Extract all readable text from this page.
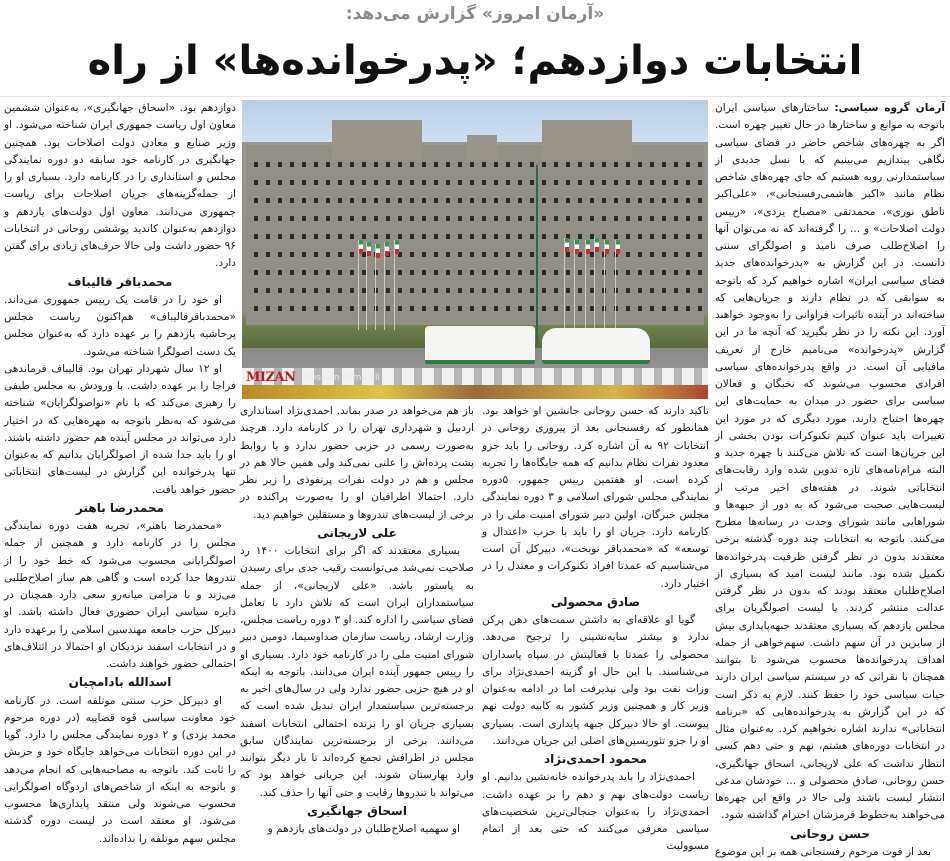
«آرمان امروز» گزارش می‌دهد:
انتخابات دوازدهم؛ «پدرخوانده‌ها» از راه

آرمان گروه سیاسی: ساختارهای سیاسی ایران باتوجه به موانع و ساختارها در حال تغییر چهره است. اگر به چهره‌های شاخص حاضر در فضای سیاسی نگاهی بیندازیم می‌بینیم که با نسل جدیدی از سیاستمدارنی روبه هستیم که جای چهره‌های شاخص نظام مانند «اکبر هاشمی‌رفسنجانی»، «علی‌اکبر ناطق نوری»، محمدتقی «مصباح یزدی»، «رییس دولت اصلاحات» و ... را گرفته‌اند که نه می‌توان آنها را اصلاح‌طلب صرف نامید و اصولگرای سنتی دانست. در این گزارش به «پدرخوانده‌های جدید فضای سیاسی ایران» اشاره خواهیم کرد که باتوجه به سوابقی که در نظام دارند و جریان‌هایی که ساخته‌اند در آینده تاثیرات فراوانی را به‌وجود خواهند آورد. این نکته را در نظر بگیرید که آنچه ما در این گزارش «پدرخوانده» می‌نامیم خارج از تعریف مافیایی آن است. در واقع پدرخوانده‌های سیاسی افرادی محسوب می‌شوند که نخبگان و فعالان سیاسی برای حضور در میدان به حمایت‌های این چهره‌ها احتیاج دارند. مورد دیگری که در مورد این تغییرات باید عنوان کنیم تکنوکرات بودن بخشی از این جریان‌ها است که تلاش می‌کنند با چهره جدید و البته مرام‌نامه‌های تازه تدوین شده وارد رقابت‌های انتخاباتی شوند. در هفته‌های اخیر مرتب از لیست‌هایی صحبت می‌شود که به دور از جبهه‌ها و شوراهایی مانند شورای وحدت در رسانه‌ها مطرح می‌کنند. باتوجه به انتخابات چند دوره گذشته برخی معتقدند بدون در نظر گرفتن ظرفیت پدرخوانده‌ها تکمیل شده بود. مانند لیست امید که بسیاری از اصلاح‌طلبان معتقد بودند که بدون در نظر گرفتن عدالت منتشر کردند. یا لیست اصولگریان برای مجلس یازدهم که بسیاری معتقدند جبهه‌پایداری بیش از سایرین در آن سهم داشت. سهم‌خواهی از جمله اهداف پدرخوانده‌ها محسوب می‌شود تا بتوانند همچنان با نفراتی که در سیستم سیاسی ایران دارند حیات سیاسی خود را حفظ کنند. لازم به ذکر است که در این گزارش به پدرخوانده‌هایی که «برنامه انتخاباتی» ندارند اشاره نخواهیم کرد. به‌عنوان مثال در انتخابات دوره‌های هشتم، نهم و حتی دهم کسی انتظار نداشت که علی لاریجانی، اسحاق جهانگیری، حسن روحانی، صادق محصولی و ... خودشان مدعی انتشار لیست باشند ولی حالا در واقع این چهره‌ها می‌خواهند به‌خطوط قرمزشان احترام گذاشته شود.

حسن روحانی

بعد از فوت مرحوم رفسنجانی همه بر این موضوع

MIZAN Hossein Esmaeili

تاکید دارند که حسن روحانی جانشین او خواهد بود. همانطور که رفسنجانی بعد از پیروزی روحانی در انتخابات ۹۲ به آن اشاره کرد. روحانی را باید جزو معدود نفرات نظام بدانیم که همه جایگاه‌ها را تجربه کرده است. او هفتمین رییس جمهور، ۵دوره نمایندگی مجلس شورای اسلامی و ۳ دوره نمایندگی مجلس خبرگان، اولین دبیر شورای امنیت ملی را در کارنامه دارد. جریان او را باید با حزب «اعتدال و توسعه» که «محمدباقر نوبخت»، دبیرکل آن است می‌شناسیم که عمدتا افراد تکنوکرات و معتدل را در اختیار دارد.

صادق محصولی

گویا او علاقه‌ای به داشتن سمت‌های دهن پرکن ندارد و بیشتر سایه‌نشینی را ترجیح می‌دهد. محصولی را عمدتا با فعالیتش در سپاه پاسداران می‌شناسند. با این حال او گزینه احمدی‌نژاد برای وزات نفت بود ولی نپذیرفت اما در ادامه به‌عنوان وزیر کار و همچنین وزیر کشور به کابیه دولت نهم پیوست. او حالا دبیرکل جبهه پایداری است. بسیاری او را جزو تئوریسین‌های اصلی این جریان می‌دانند.

محمود احمدی‌نژاد

احمدی‌نژاد را باید پدرخوانده خانه‌نشین بدانیم. او ریاست دولت‌های نهم و دهم را بر عهده داشت. احمدی‌نژاد را به‌عنوان جنجالی‌ترین شخصیت‌های سیاسی معرفی می‌کنند که حتی بعد از اتمام مسوولیت

باز هم می‌خواهد در صدر بماند. احمدی‌نژاد استانداری اردبیل و شهرداری تهران را در کارنامه دارد. هرچند به‌صورت رسمی در حزبی حضور ندارد و یا روابط پشت پرده‌اش را علنی نمی‌کند ولی همین حالا هم در مجلس و هم در دولت نفرات پرنفوذی را زیر نظر دارد. احتمالا اطرافیان او را به‌صورت پراکنده در برخی از لیست‌های تندروها و مستقلین خواهیم دید.

علی لاریجانی

بسیاری معتقدند که اگر برای انتخابات ۱۴۰۰ رد صلاحیت نمی‌شد می‌توانست رقیب جدی برای رسیدن به پاستور باشد. «علی لاریجانی»، از جمله سیاستمداران ایران است که تلاش دارد با تعامل فضای سیاسی را اداره کند. او ۳ دوره ریاست مجلس، وزارت ارشاد، ریاست سازمان صداوسیما، دومین دبیر شورای امنیت ملی را در کارنامه خود دارد. بسیاری او را رییس جمهور آینده ایران می‌دانند. باتوجه به اینکه او در هیچ حزبی حضور ندارد ولی در سال‌های اخیر به برجسته‌ترین سیاستمدار ایران تبدیل شده است که بسیاری جریان او را برنده احتمالی انتخابات اسفند می‌دانند. برخی از برجسته‌ترین نمایندگان سابق مجلس در اطرافش تجمع کرده‌اند تا بار دیگر بتوانند وارد بهارستان شوند. این جریانی خواهد بود که می‌تواند با تندروها رقابت و حتی آنها را حذف کند.

اسحاق جهانگیری

او سهمیه اصلاح‌طلبان در دولت‌های یازدهم و

دوازدهم بود. «اسحاق جهانگیری»، به‌عنوان ششمین معاون اول ریاست جمهوری ایران شناخته می‌شود. او وزیر صنایع و معادن دولت اصلاحات بود. همچنین جهانگیری در کارنامه خود سابقه دو دوره نمایندگی مجلس و استانداری را در کارنامه دارد. بسیاری او را از جمله‌گزینه‌های جریان اصلاحات برای ریاست جمهوری می‌دانند. معاون اول دولت‌های یازدهم و دوازدهم به‌عنوان کاندید پوششی روحانی در انتخابات ۹۶ حضور داشت ولی حالا حرف‌های زیادی برای گفتن دارد.

محمدباقر قالیباف

او خود را در قامت یک رییس جمهوری می‌داند. «محمدباقرقالیباف» هم‌اکنون ریاست مجلس پرحاشیه یازدهم را بر عهده دارد که به‌عنوان مجلس یک دست اصولگرا شناخته می‌شود.

او ۱۲ سال شهردار تهران بود. قالیباف فرماندهی فراجا را بر عهده داشت. با ورودش به مجلس طیفی را رهبری می‌کند که با نام «نواصولگرایان» شناخته می‌شود که به‌نظر باتوجه به مهره‌هایی که در اختیار دارد می‌تواند در مجلس آینده هم حضور داشته باشند. او را باید جدا شده از اصولگرایان بدانیم که به‌عنوان تنها پدرخوانده این گزارش در لیست‌های انتخاباتی حضور خواهد یافت.

محمدرضا باهنر

«محمدرضا باهنر»، تجربه هفت دوره نمایندگی مجلس را در کارنامه دارد و همچنین از جمله اصولگرایانی محسوب می‌شود که خط خود را از تندروها جدا کرده است و گاهی هم ساز اصلاح‌طلبی می‌زند و با مرامی میانه‌رو سعی دارد همچنان در دایره سیاسی ایران حضوری فعال داشته باشد. او دبیرکل حزب جامعه مهندسین اسلامی را برعهده دارد و در انتخابات اسفند نزدیکان او احتمالا در ائتلاف‌های احتمالی حضور خواهند داشت.

اسدالله بادامچیان

او دبیرکل حزب سنتی موتلفه است. در کارنامه خود معاونت سیاسی قوه قضاییه (در دوره مرحوم محمد یزدی) و ۲ دوره نمایندگی مجلس را دارد. گویا در این دوره انتخابات می‌خواهد جایگاه خود و حزبش را ثابت کند. باتوجه به مصاحبه‌هایی که انجام می‌دهد و باتوجه به اینکه از شاخص‌های اردوگاه اصولگرایی محسوب می‌شوند ولی منتقد پایداری‌ها محسوب می‌شود. او معتقد است در لیست دوره گذشته مجلس سهم موتلفه را نداده‌اند.
